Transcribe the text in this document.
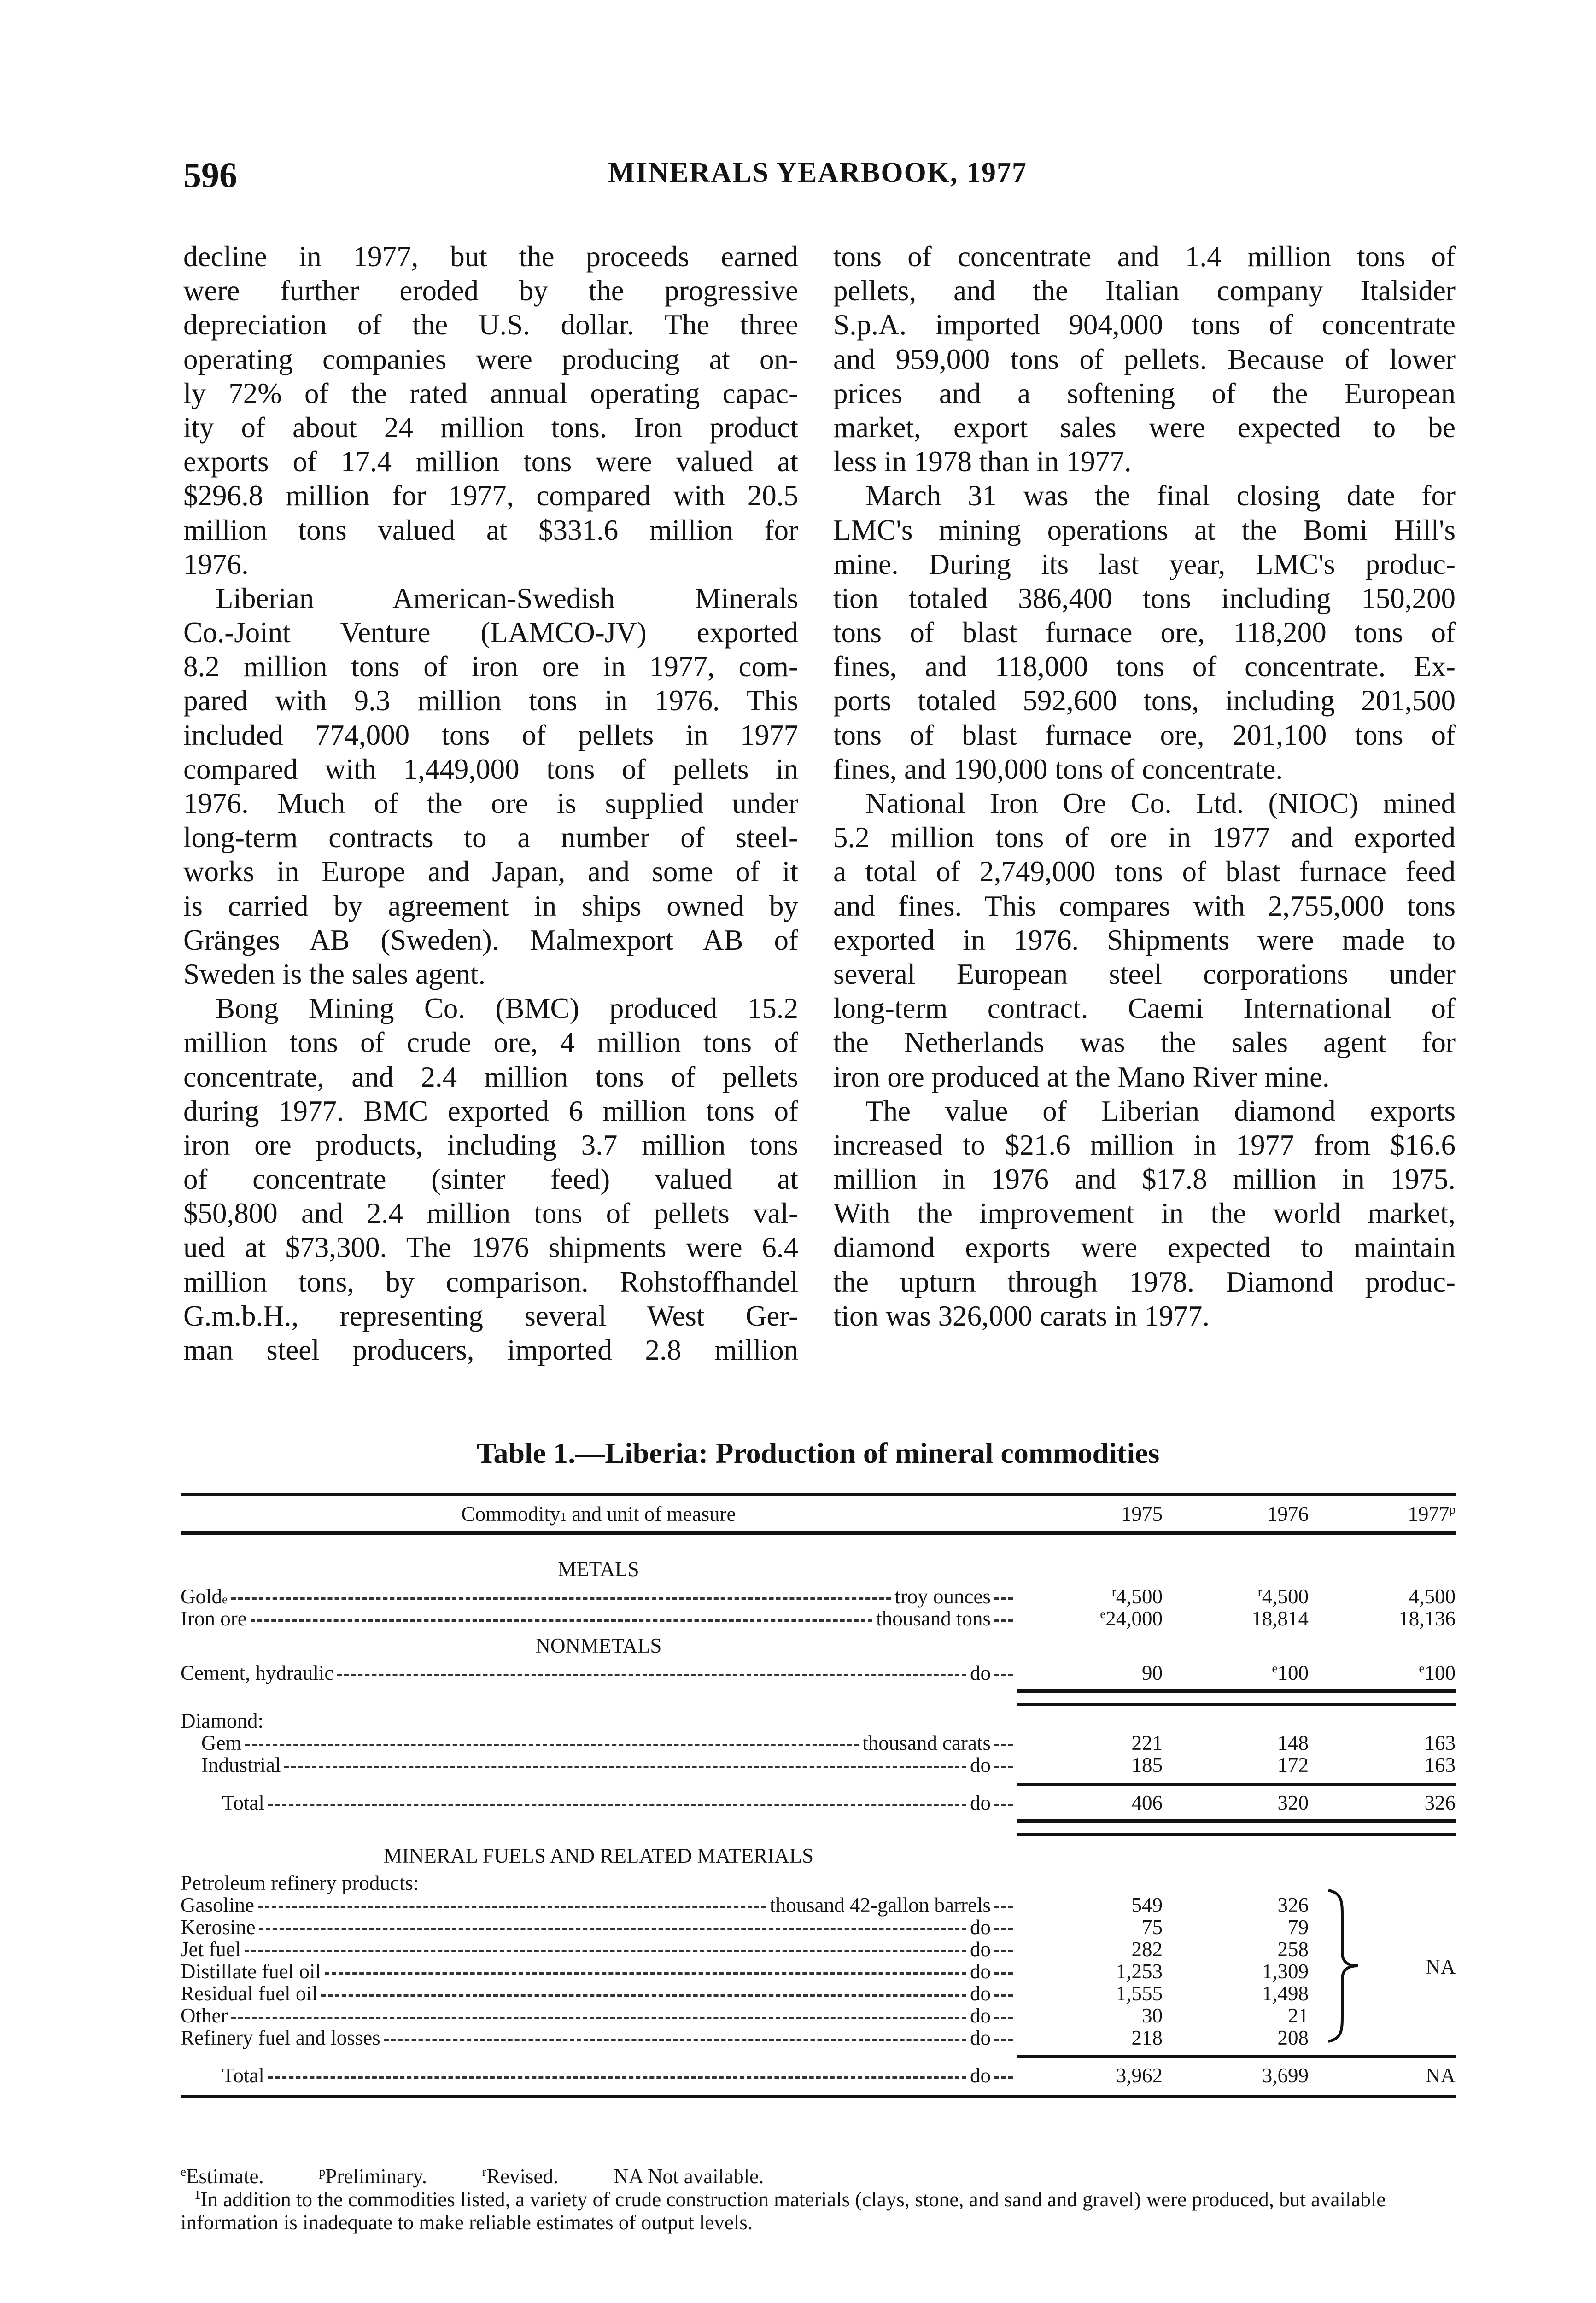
596	MINERALS YEARBOOK, 1977
decline in 1977, but the proceeds earned
were further eroded by the progressive
depreciation of the U.S. dollar. The three
operating companies were producing at on-
ly 72% of the rated annual operating capac-
ity of about 24 million tons. Iron product
exports of 17.4 million tons were valued at
$296.8 million for 1977, compared with 20.5
million tons valued at $331.6 million for
1976.
Liberian American-Swedish Minerals
Co.-Joint Venture (LAMCO-JV) exported
8.2 million tons of iron ore in 1977, com-
pared with 9.3 million tons in 1976. This
included 774,000 tons of pellets in 1977
compared with 1,449,000 tons of pellets in
1976. Much of the ore is supplied under
long-term contracts to a number of steel-
works in Europe and Japan, and some of it
is carried by agreement in ships owned by
Gränges AB (Sweden). Malmexport AB of
Sweden is the sales agent.
Bong Mining Co. (BMC) produced 15.2
million tons of crude ore, 4 million tons of
concentrate, and 2.4 million tons of pellets
during 1977. BMC exported 6 million tons of
iron ore products, including 3.7 million tons
of concentrate (sinter feed) valued at
$50,800 and 2.4 million tons of pellets val-
ued at $73,300. The 1976 shipments were 6.4
million tons, by comparison. Rohstoffhandel
G.m.b.H., representing several West Ger-
man steel producers, imported 2.8 million
tons of concentrate and 1.4 million tons of
pellets, and the Italian company Italsider
S.p.A. imported 904,000 tons of concentrate
and 959,000 tons of pellets. Because of lower
prices and a softening of the European
market, export sales were expected to be
less in 1978 than in 1977.
March 31 was the final closing date for
LMC's mining operations at the Bomi Hill's
mine. During its last year, LMC's produc-
tion totaled 386,400 tons including 150,200
tons of blast furnace ore, 118,200 tons of
fines, and 118,000 tons of concentrate. Ex-
ports totaled 592,600 tons, including 201,500
tons of blast furnace ore, 201,100 tons of
fines, and 190,000 tons of concentrate.
National Iron Ore Co. Ltd. (NIOC) mined
5.2 million tons of ore in 1977 and exported
a total of 2,749,000 tons of blast furnace feed
and fines. This compares with 2,755,000 tons
exported in 1976. Shipments were made to
several European steel corporations under
long-term contract. Caemi International of
the Netherlands was the sales agent for
iron ore produced at the Mano River mine.
The value of Liberian diamond exports
increased to $21.6 million in 1977 from $16.6
million in 1976 and $17.8 million in 1975.
With the improvement in the world market,
diamond exports were expected to maintain
the upturn through 1978. Diamond produc-
tion was 326,000 carats in 1977.
Table 1.—Liberia: Production of mineral commodities
Commodity 1
and unit of measure	1975	1976	1977$^p$
METALS
Gold e	troy ounces	$^r$4,500	$^r$4,500	4,500
Iron ore	thousand tons	$^e$24,000	18,814	18,136
NONMETALS
Cement, hydraulic	do	90	$^e$100	$^e$100
Diamond:
Gem	thousand carats	221	148	163
Industrial	do	185	172	163
Total	do	406	320	326
MINERAL FUELS AND RELATED MATERIALS
Petroleum refinery products:
Gasoline	thousand 42-gallon barrels	549	326
Kerosine	do	75	79
Jet fuel	do	282	258
Distillate fuel oil	do	1,253	1,309
Residual fuel oil	do	1,555	1,498
Other	do	30	21
Refinery fuel and losses	do	218	208
NA
Total	do	3,962	3,699	NA
$^e$Estimate.	$^p$Preliminary.	$^r$Revised.	NA Not available.
$^1$In addition to the commodities listed, a variety of crude construction materials (clays, stone, and sand and gravel) were produced, but available information is inadequate to make reliable estimates of output levels.
